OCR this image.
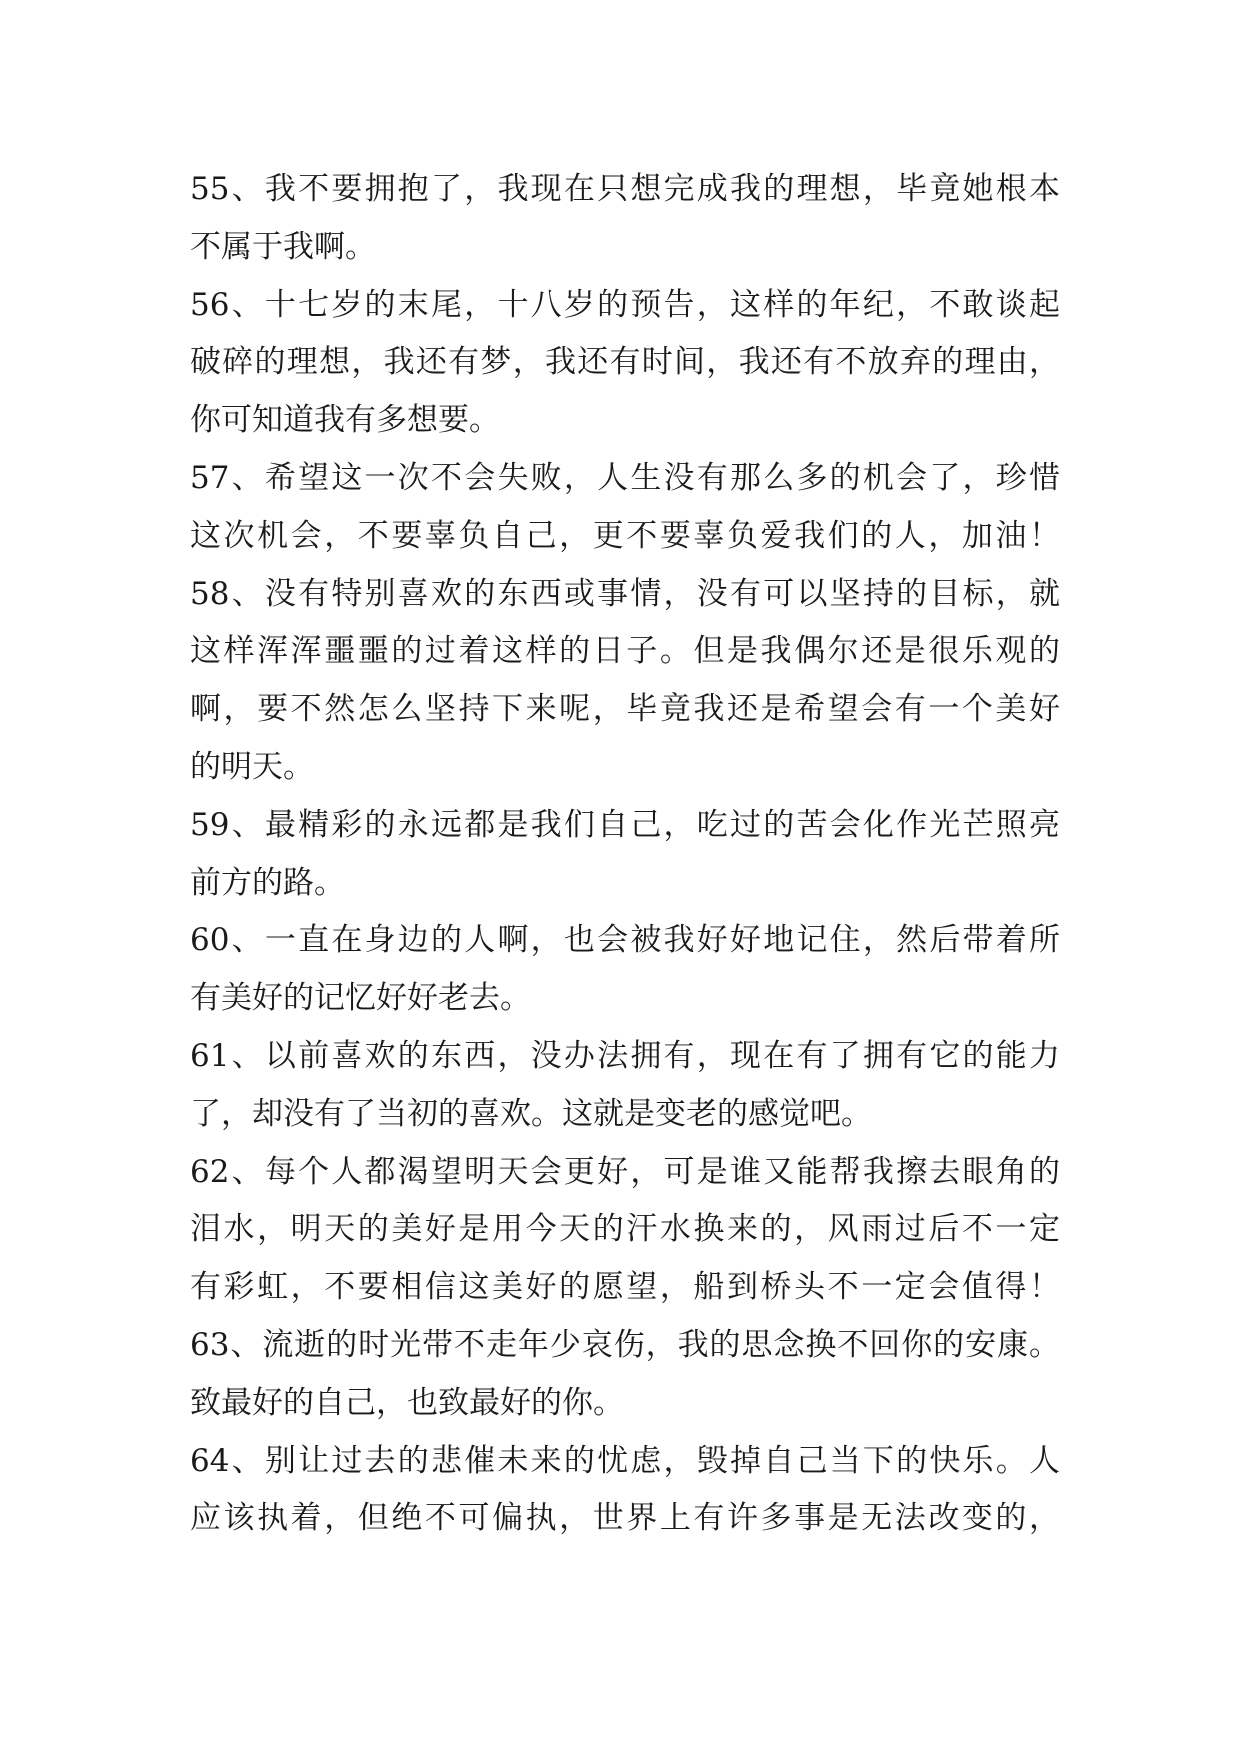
55、我不要拥抱了，我现在只想完成我的理想，毕竟她根本
不属于我啊。
56、十七岁的末尾，十八岁的预告，这样的年纪，不敢谈起
破碎的理想，我还有梦，我还有时间，我还有不放弃的理由，
你可知道我有多想要。
57、希望这一次不会失败，人生没有那么多的机会了，珍惜
这次机会，不要辜负自己，更不要辜负爱我们的人，加油！
58、没有特别喜欢的东西或事情，没有可以坚持的目标，就
这样浑浑噩噩的过着这样的日子。但是我偶尔还是很乐观的
啊，要不然怎么坚持下来呢，毕竟我还是希望会有一个美好
的明天。
59、最精彩的永远都是我们自己，吃过的苦会化作光芒照亮
前方的路。
60、一直在身边的人啊，也会被我好好地记住，然后带着所
有美好的记忆好好老去。
61、以前喜欢的东西，没办法拥有，现在有了拥有它的能力
了，却没有了当初的喜欢。这就是变老的感觉吧。
62、每个人都渴望明天会更好，可是谁又能帮我擦去眼角的
泪水，明天的美好是用今天的汗水换来的，风雨过后不一定
有彩虹，不要相信这美好的愿望，船到桥头不一定会值得！
63、流逝的时光带不走年少哀伤，我的思念换不回你的安康。
致最好的自己，也致最好的你。
64、别让过去的悲催未来的忧虑，毁掉自己当下的快乐。人
应该执着，但绝不可偏执，世界上有许多事是无法改变的，
